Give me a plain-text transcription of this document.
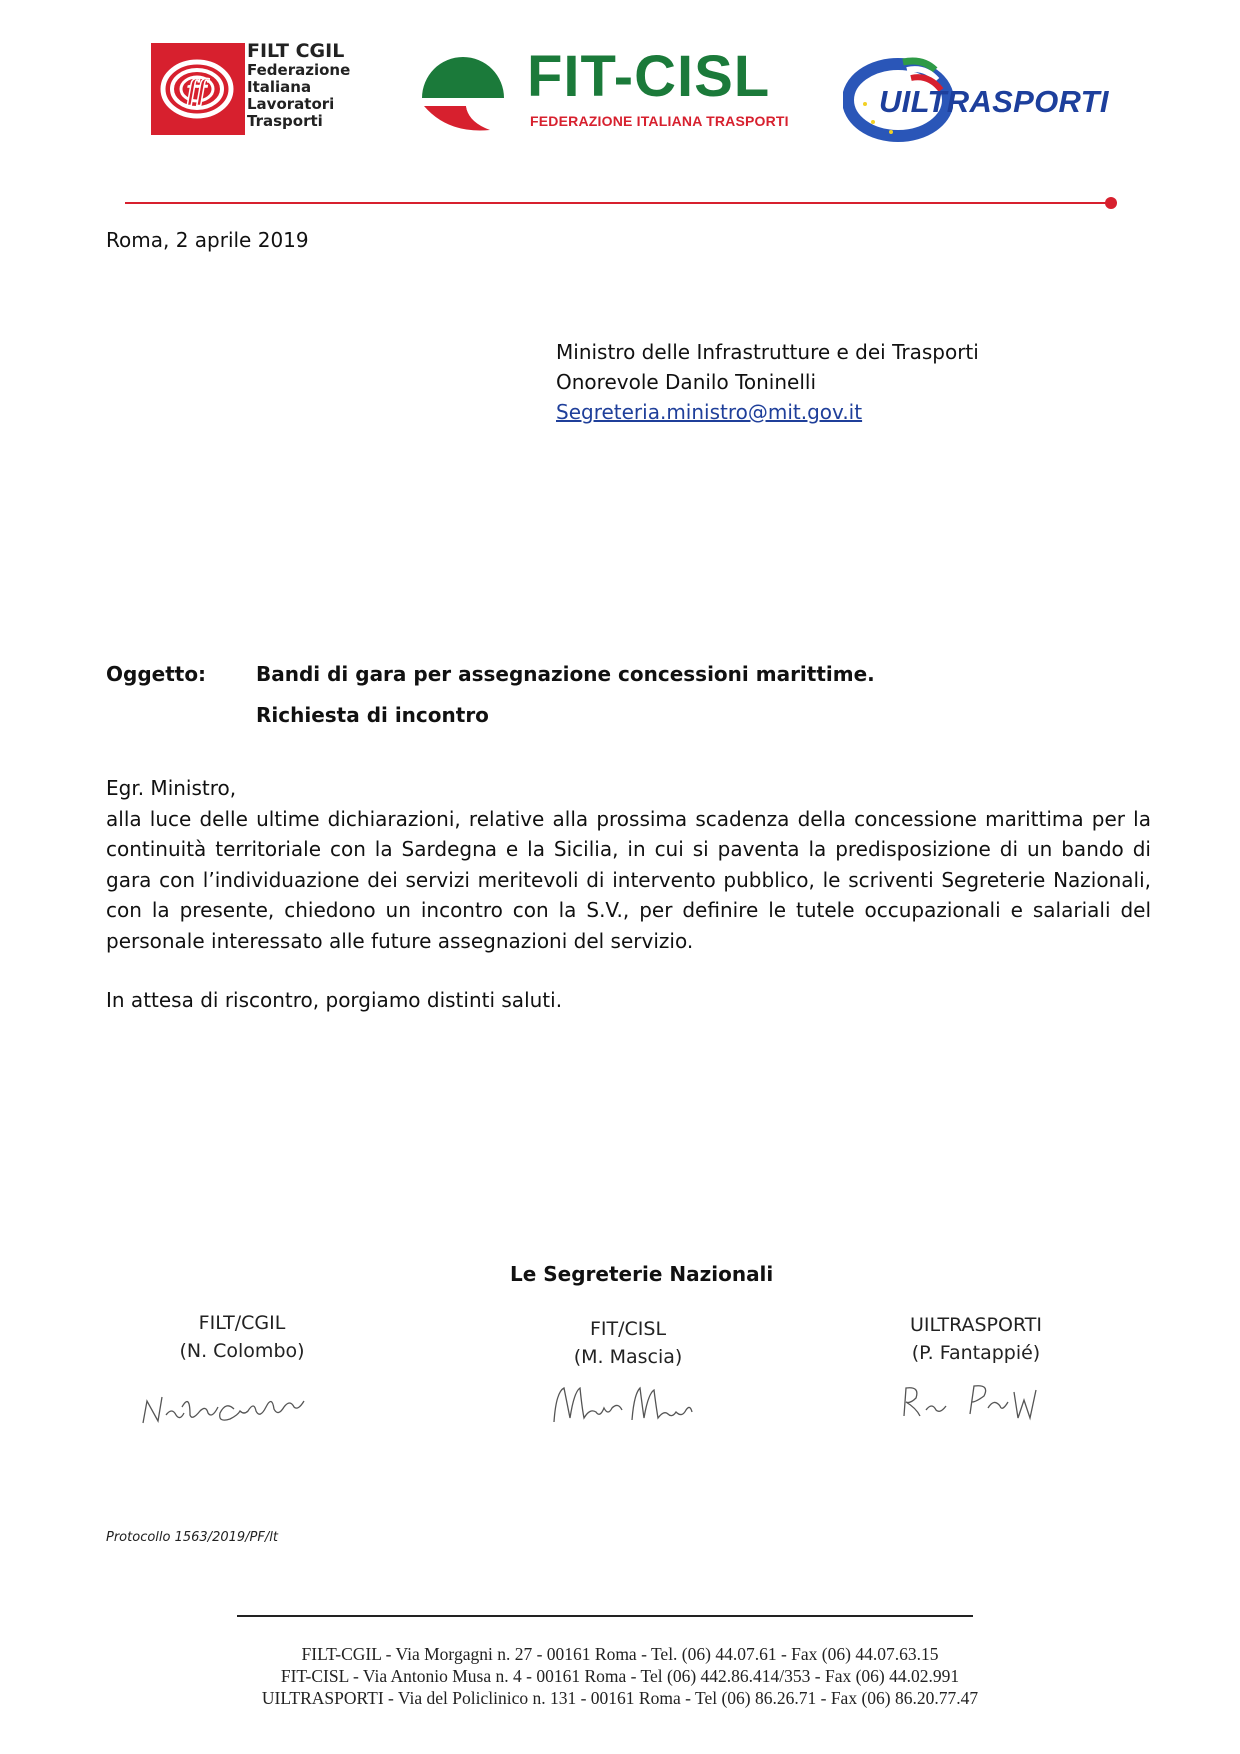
ff
FILT CGIL
Federazione
Italiana
Lavoratori
Trasporti
FIT-CISL
FEDERAZIONE ITALIANA TRASPORTI
UILTRASPORTI
Roma, 2 aprile 2019
Ministro delle Infrastrutture e dei Trasporti
Onorevole Danilo Toninelli
Segreteria.ministro@mit.gov.it
Oggetto: Bandi di gara per assegnazione concessioni marittime.
Richiesta di incontro
Egr. Ministro,
alla luce delle ultime dichiarazioni, relative alla prossima scadenza della concessione marittima per la continuità territoriale con la Sardegna e la Sicilia, in cui si paventa la predisposizione di un bando di gara con l’individuazione dei servizi meritevoli di intervento pubblico, le scriventi Segreterie Nazionali, con la presente, chiedono un incontro con la S.V., per definire le tutele occupazionali e salariali del personale interessato alle future assegnazioni del servizio.
In attesa di riscontro, porgiamo distinti saluti.
Le Segreterie Nazionali
FILT/CGIL
(N. Colombo)
FIT/CISL
(M. Mascia)
UILTRASPORTI
(P. Fantappié)
Protocollo 1563/2019/PF/lt
FILT-CGIL - Via Morgagni n. 27 - 00161 Roma - Tel. (06) 44.07.61 - Fax (06) 44.07.63.15
FIT-CISL - Via Antonio Musa n. 4 - 00161 Roma - Tel (06) 442.86.414/353 - Fax (06) 44.02.991
UILTRASPORTI - Via del Policlinico n. 131 - 00161 Roma - Tel (06) 86.26.71 - Fax (06) 86.20.77.47
